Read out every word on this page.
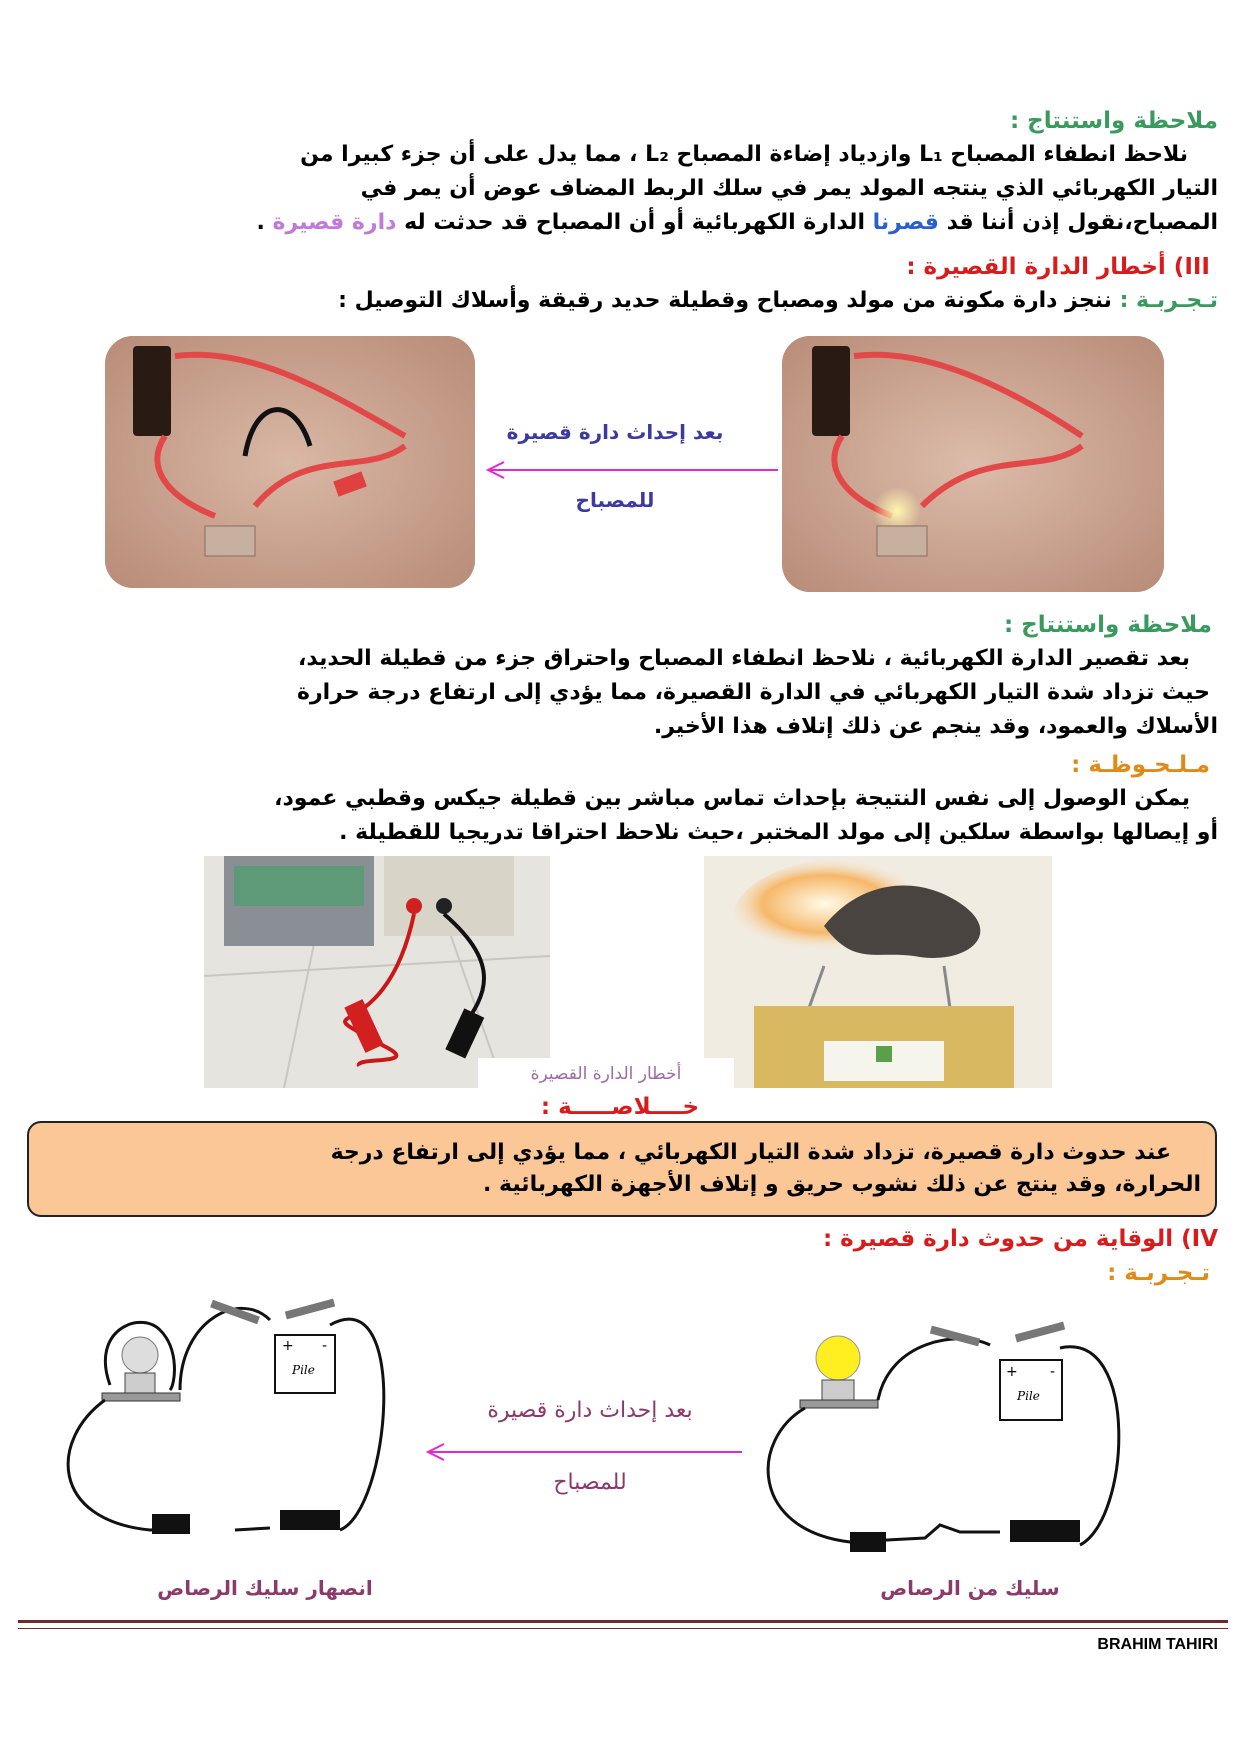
ملاحظة واستنتاج :
نلاحظ انطفاء المصباح L₁ وازدياد إضاءة المصباح L₂ ، مما يدل على أن جزء كبيرا من
التيار الكهربائي الذي ينتجه المولد يمر في سلك الربط المضاف عوض أن يمر في
المصباح،نقول إذن أننا قد قصرنا الدارة الكهربائية أو أن المصباح قد حدثت له دارة قصيرة .
III) أخطار الدارة القصيرة :
تـجـربـة : ننجز دارة مكونة من مولد ومصباح وقطيلة حديد رقيقة وأسلاك التوصيل :
بعد إحداث دارة قصيرة
للمصباح
ملاحظة واستنتاج :
بعد تقصير الدارة الكهربائية ، نلاحظ انطفاء المصباح واحتراق جزء من قطيلة الحديد،
حيث تزداد شدة التيار الكهربائي في الدارة القصيرة، مما يؤدي إلى ارتفاع درجة حرارة
الأسلاك والعمود، وقد ينجم عن ذلك إتلاف هذا الأخير.
مـلـحـوظـة :
يمكن الوصول إلى نفس النتيجة بإحداث تماس مباشر بين قطيلة جيكس وقطبي عمود،
أو إيصالها بواسطة سلكين إلى مولد المختبر ،حيث نلاحظ احتراقا تدريجيا للقطيلة .
أخطار الدارة القصيرة
خــــلاصـــــة :
عند حدوث دارة قصيرة، تزداد شدة التيار الكهربائي ، مما يؤدي إلى ارتفاع درجة
الحرارة، وقد ينتج عن ذلك نشوب حريق و إتلاف الأجهزة الكهربائية .
IV) الوقاية من حدوث دارة قصيرة :
تـجـربـة :
+ -
Pile	+ -
Pile
بعد إحداث دارة قصيرة
للمصباح
سليك من الرصاص
انصهار سليك الرصاص
BRAHIM TAHIRI
